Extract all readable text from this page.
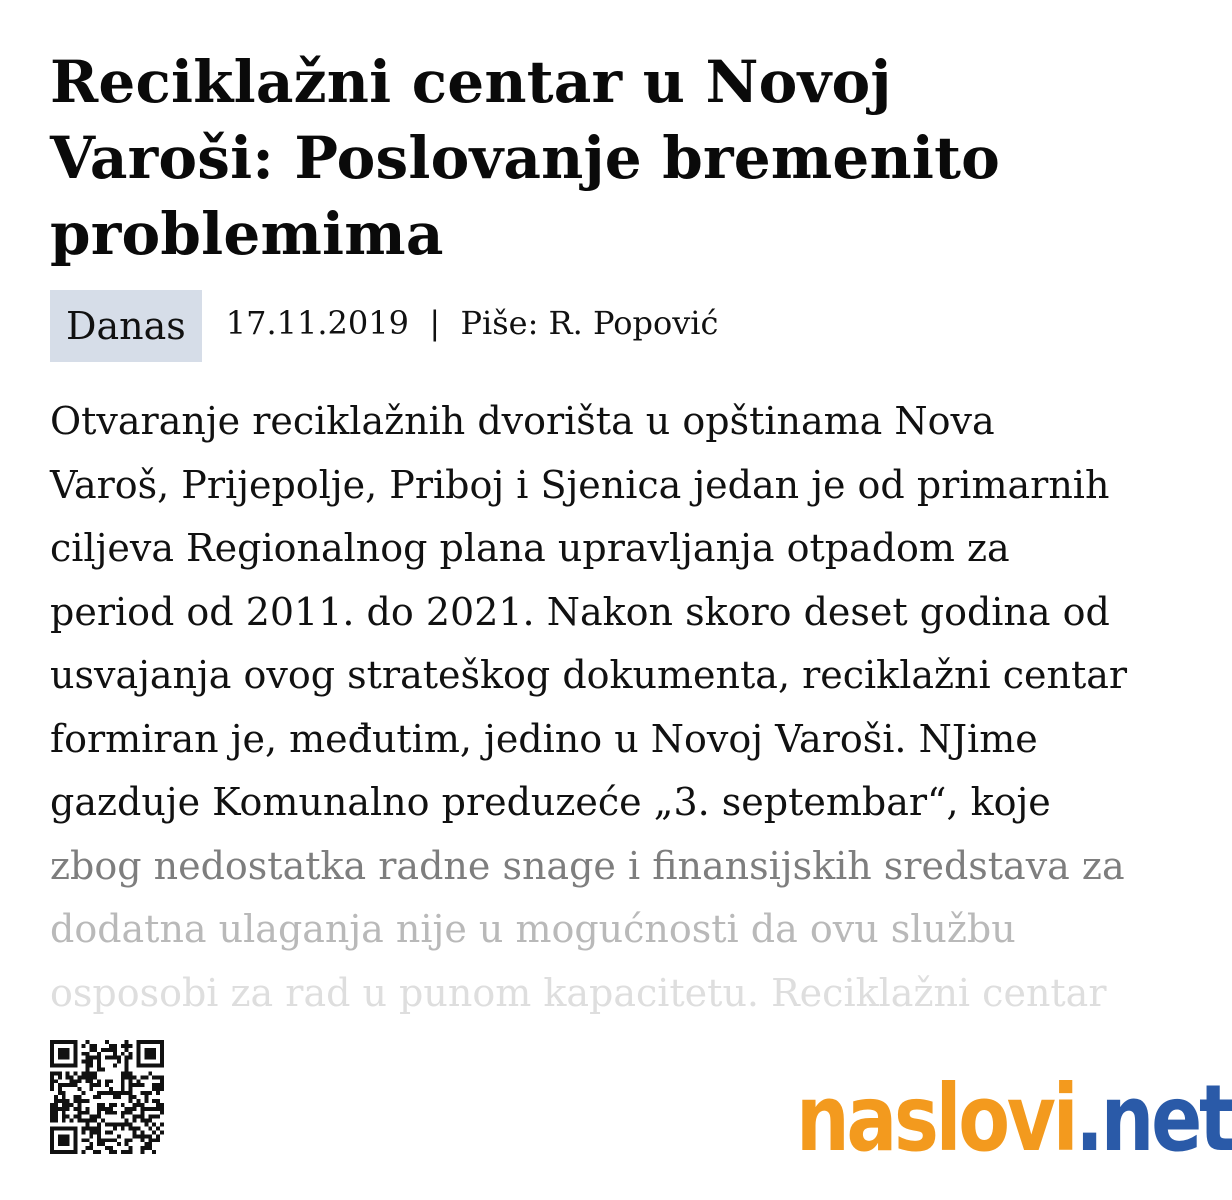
Reciklažni centar u Novoj
Varoši: Poslovanje bremenito
problemima
Danas	17.11.2019  |  Piše: R. Popović

Otvaranje reciklažnih dvorišta u opštinama Nova

Varoš, Prijepolje, Priboj i Sjenica jedan je od primarnih

ciljeva Regionalnog plana upravljanja otpadom za

period od 2011. do 2021. Nakon skoro deset godina od

usvajanja ovog strateškog dokumenta, reciklažni centar

formiran je, međutim, jedino u Novoj Varoši. NJime

gazduje Komunalno preduzeće „3. septembar“, koje

zbog nedostatka radne snage i finansijskih sredstava za

dodatna ulaganja nije u mogućnosti da ovu službu

osposobi za rad u punom kapacitetu. Reciklažni centar

naslovi .net
